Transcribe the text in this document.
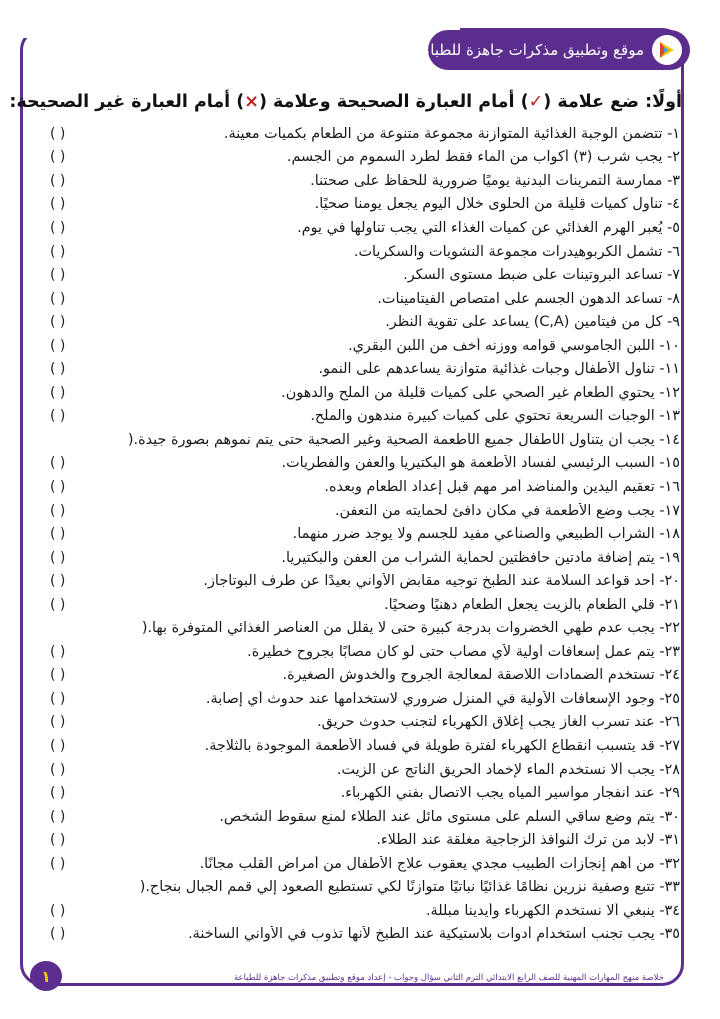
موقع وتطبيق مذكرات جاهزة للطباعة
أولًا: ضع علامة (✓) أمام العبارة الصحيحة وعلامة (×) أمام العبارة غير الصحيحة:
١- تتضمن الوجبة الغذائية المتوازنة مجموعة متنوعة من الطعام بكميات معينة.
( )
٢- يجب شرب (٣) أكواب من الماء فقط لطرد السموم من الجسم.
( )
٣- ممارسة التمرينات البدنية يوميًا ضرورية للحفاظ على صحتنا.
( )
٤- تناول كميات قليلة من الحلوى خلال اليوم يجعل يومنا صحيًا.
( )
٥- يُعبر الهرم الغذائي عن كميات الغذاء التي يجب تناولها في يوم.
( )
٦- تشمل الكربوهيدرات مجموعة النشويات والسكريات.
( )
٧- تساعد البروتينات على ضبط مستوى السكر.
( )
٨- تساعد الدهون الجسم على امتصاص الفيتامينات.
( )
٩- كل من فيتامين (C,A) يساعد على تقوية النظر.
( )
١٠- اللبن الجاموسي قوامه ووزنه أخف من اللبن البقري.
( )
١١- تناول الأطفال وجبات غذائية متوازنة يساعدهم على النمو.
( )
١٢- يحتوي الطعام غير الصحي على كميات قليلة من الملح والدهون.
( )
١٣- الوجبات السريعة تحتوي على كميات كبيرة مندهون والملح.
( )
١٤- يجب أن يتناول الأطفال جميع الأطعمة الصحية وغير الصحية حتى يتم نموهم بصورة جيدة.(
١٥- السبب الرئيسي لفساد الأطعمة هو البكتيريا والعفن والفطريات.
( )
١٦- تعقيم اليدين والمناضد أمر مهم قبل إعداد الطعام وبعده.
( )
١٧- يجب وضع الأطعمة في مكان دافئ لحمايته من التعفن.
( )
١٨- الشراب الطبيعي والصناعي مفيد للجسم ولا يوجد ضرر منهما.
( )
١٩- يتم إضافة مادتين حافظتين لحماية الشراب من العفن والبكتيريا.
( )
٢٠- أحد قواعد السلامة عند الطبخ توجيه مقابض الأواني بعيدًا عن طرف البوتاجاز.
( )
٢١- قلي الطعام بالزيت يجعل الطعام دهنيًا وصحيًا.
( )
٢٢- يجب عدم طهي الخضروات بدرجة كبيرة حتى لا يقلل من العناصر الغذائي المتوفرة بها.(
٢٣- يتم عمل إسعافات أولية لأي مصاب حتى لو كان مصابًا بجروح خطيرة.
( )
٢٤- تستخدم الضمادات اللاصقة لمعالجة الجروح والخدوش الصغيرة.
( )
٢٥- وجود الإسعافات الأولية في المنزل ضروري لاستخدامها عند حدوث أي إصابة.
( )
٢٦- عند تسرب الغاز يجب إغلاق الكهرباء لتجنب حدوث حريق.
( )
٢٧- قد يتسبب انقطاع الكهرباء لفترة طويلة في فساد الأطعمة الموجودة بالثلاجة.
( )
٢٨- يجب ألا نستخدم الماء لإخماد الحريق الناتج عن الزيت.
( )
٢٩- عند انفجار مواسير المياه يجب الاتصال بفني الكهرباء.
( )
٣٠- يتم وضع ساقي السلم على مستوى مائل عند الطلاء لمنع سقوط الشخص.
( )
٣١- لابد من ترك النوافذ الزجاجية مغلقة عند الطلاء.
( )
٣٢- من أهم إنجازات الطبيب مجدي يعقوب علاج الأطفال من أمراض القلب مجانًا.
( )
٣٣- تتبع وصفية نزرين نظامًا غذائيًا نباتيًا متوازنًا لكي تستطيع الصعود إلي قمم الجبال بنجاح.(
٣٤- ينبغي ألا نستخدم الكهرباء وأيدينا مبللة.
( )
٣٥- يجب تجنب استخدام أدوات بلاستيكية عند الطبخ لأنها تذوب في الأواني الساخنة.
( )
١	خلاصة منهج المهارات المهنية للصف الرابع الابتدائي الترم الثاني سؤال وجواب - إعداد موقع وتطبيق مذكرات جاهزة للطباعة
